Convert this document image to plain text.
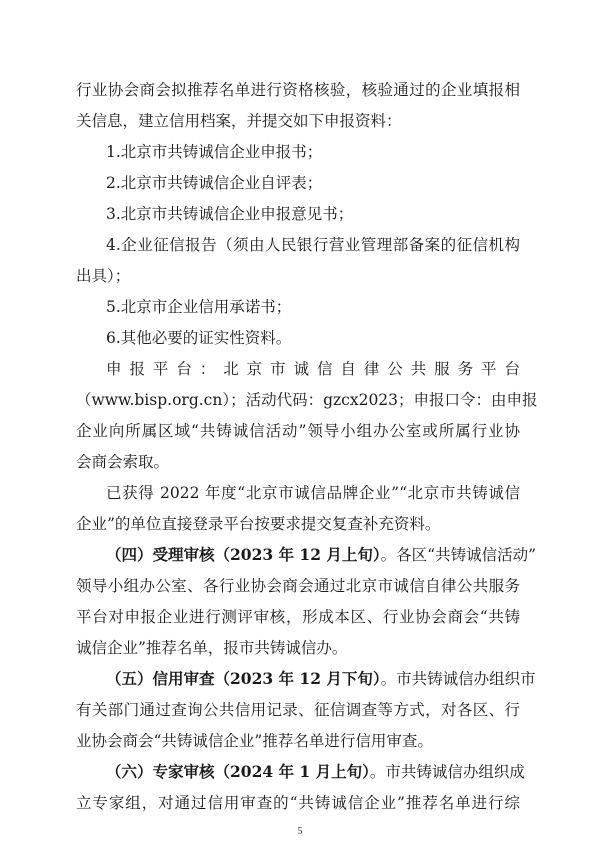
行业协会商会拟推荐名单进行资格核验，核验通过的企业填报相
关信息，建立信用档案，并提交如下申报资料：
1.北京市共铸诚信企业申报书；
2.北京市共铸诚信企业自评表；
3.北京市共铸诚信企业申报意见书；
4.企业征信报告（须由人民银行营业管理部备案的征信机构
出具）；
5.北京市企业信用承诺书；
6.其他必要的证实性资料。
申报平台：北京市诚信自律公共服务平台
（www.bisp.org.cn）；活动代码：gzcx2023；申报口令：由申报
企业向所属区域“共铸诚信活动”领导小组办公室或所属行业协
会商会索取。
已获得 2022 年度“北京市诚信品牌企业”“北京市共铸诚信
企业”的单位直接登录平台按要求提交复查补充资料。
（四）受理审核（2023 年 12 月上旬）。各区“共铸诚信活动”
领导小组办公室、各行业协会商会通过北京市诚信自律公共服务
平台对申报企业进行测评审核，形成本区、行业协会商会“共铸
诚信企业”推荐名单，报市共铸诚信办。
（五）信用审查（2023 年 12 月下旬）。市共铸诚信办组织市
有关部门通过查询公共信用记录、征信调查等方式，对各区、行
业协会商会“共铸诚信企业”推荐名单进行信用审查。
（六）专家审核（2024 年 1 月上旬）。市共铸诚信办组织成
立专家组，对通过信用审查的“共铸诚信企业”推荐名单进行综
5
